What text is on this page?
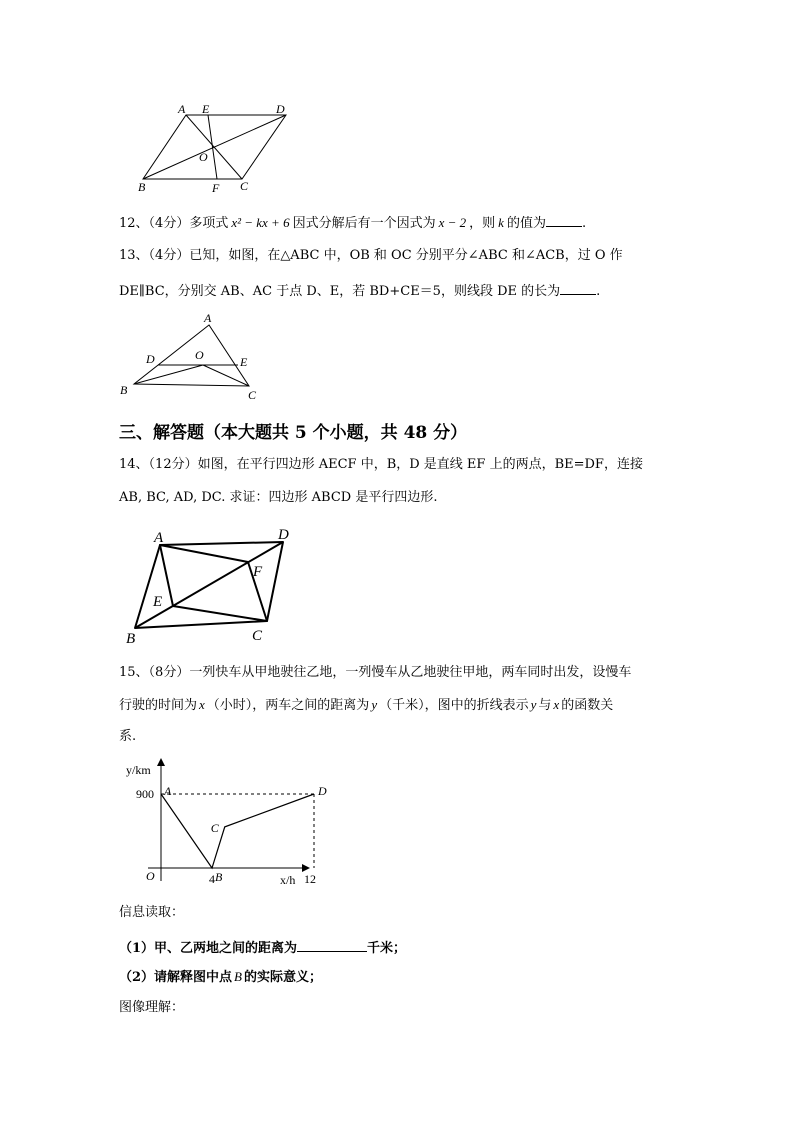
A E	D
O
B	F C
12、（4分）多项式 x² − kx + 6 因式分解后有一个因式为 x − 2 ，则 k 的值为	.
13、（4分）已知，如图，在△ABC 中，OB 和 OC 分别平分∠ABC 和∠ACB，过 O 作
DE∥BC，分别交 AB、AC 于点 D、E，若 BD+CE＝5，则线段 DE 的长为	.
A
D	O	E
B	C
三、解答题（本大题共 5 个小题，共 48 分）
14、（12分）如图，在平行四边形 AECF 中，B，D 是直线 EF 上的两点，BE=DF，连接
AB, BC, AD, DC. 求证：四边形 ABCD 是平行四边形.
A	D
F
E
B	C
15、（8分）一列快车从甲地驶往乙地，一列慢车从乙地驶往甲地，两车同时出发，设慢车
行驶的时间为 x （小时），两车之间的距离为 y （千米），图中的折线表示 y 与 x 的函数关
系.
y/km
x/h
O
A
B
C
D
900
4	12
信息读取：
（1）甲、乙两地之间的距离为	千米；
（2）请解释图中点 B 的实际意义；
图像理解：
